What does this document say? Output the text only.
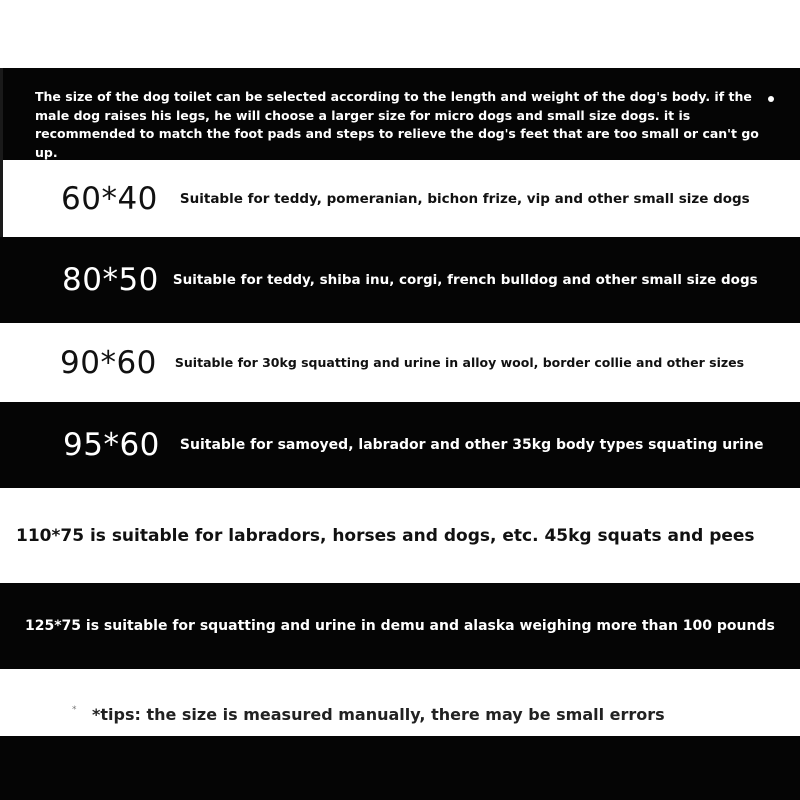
The size of the dog toilet can be selected according to the length and weight of the dog's body. if the male dog raises his legs, he will choose a larger size for micro dogs and small size dogs. it is recommended to match the foot pads and steps to relieve the dog's feet that are too small or can't go up.

60*40 Suitable for teddy, pomeranian, bichon frize, vip and other small size dogs
80*50 Suitable for teddy, shiba inu, corgi, french bulldog and other small size dogs
90*60 Suitable for 30kg squatting and urine in alloy wool, border collie and other sizes
95*60 Suitable for samoyed, labrador and other 35kg body types squating urine
110*75 is suitable for labradors, horses and dogs, etc. 45kg squats and pees
125*75 is suitable for squatting and urine in demu and alaska weighing more than 100 pounds
* *tips: the size is measured manually, there may be small errors
